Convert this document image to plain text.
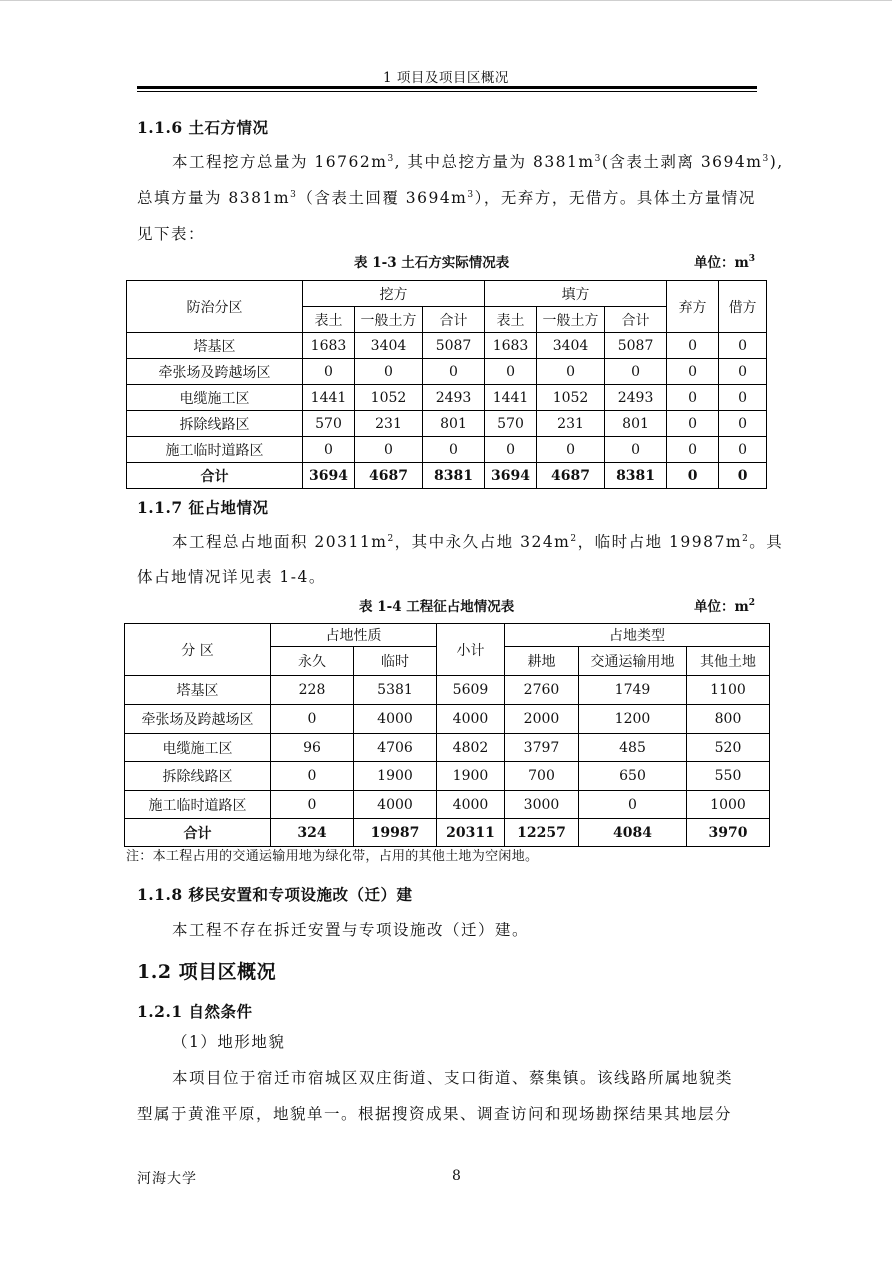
1 项目及项目区概况
1.1.6 土石方情况
本工程挖方总量为 $16762m^3$, 其中总挖方量为 $8381m^3$(含表土剥离 $3694m^3$),
总填方量为 $8381m^3$（含表土回覆 $3694m^3$），无弃方，无借方。具体土方量情况
见下表：
表 1-3 土石方实际情况表	单位：$m^3$
防治分区	挖方			填方			弃方	借方
	表土	一般土方	合计	表土	一般土方	合计		
塔基区	1683	3404	5087	1683	3404	5087	0	0
牵张场及跨越场区	0	0	0	0	0	0	0	0
电缆施工区	1441	1052	2493	1441	1052	2493	0	0
拆除线路区	570	231	801	570	231	801	0	0
施工临时道路区	0	0	0	0	0	0	0	0
合计	3694	4687	8381	3694	4687	8381	0	0
1.1.7 征占地情况
本工程总占地面积 $20311m^2$，其中永久占地 $324m^2$，临时占地 $19987m^2$。具
体占地情况详见表 1-4。
表 1-4 工程征占地情况表	单位：$m^2$
分 区	占地性质		小计	占地类型		
	永久	临时		耕地	交通运输用地	其他土地
塔基区	228	5381	5609	2760	1749	1100
牵张场及跨越场区	0	4000	4000	2000	1200	800
电缆施工区	96	4706	4802	3797	485	520
拆除线路区	0	1900	1900	700	650	550
施工临时道路区	0	4000	4000	3000	0	1000
合计	324	19987	20311	12257	4084	3970
注：本工程占用的交通运输用地为绿化带，占用的其他土地为空闲地。
1.1.8 移民安置和专项设施改（迁）建
本工程不存在拆迁安置与专项设施改（迁）建。
1.2 项目区概况
1.2.1 自然条件
（1）地形地貌
本项目位于宿迁市宿城区双庄街道、支口街道、蔡集镇。该线路所属地貌类
型属于黄淮平原，地貌单一。根据搜资成果、调查访问和现场勘探结果其地层分
河海大学	8
